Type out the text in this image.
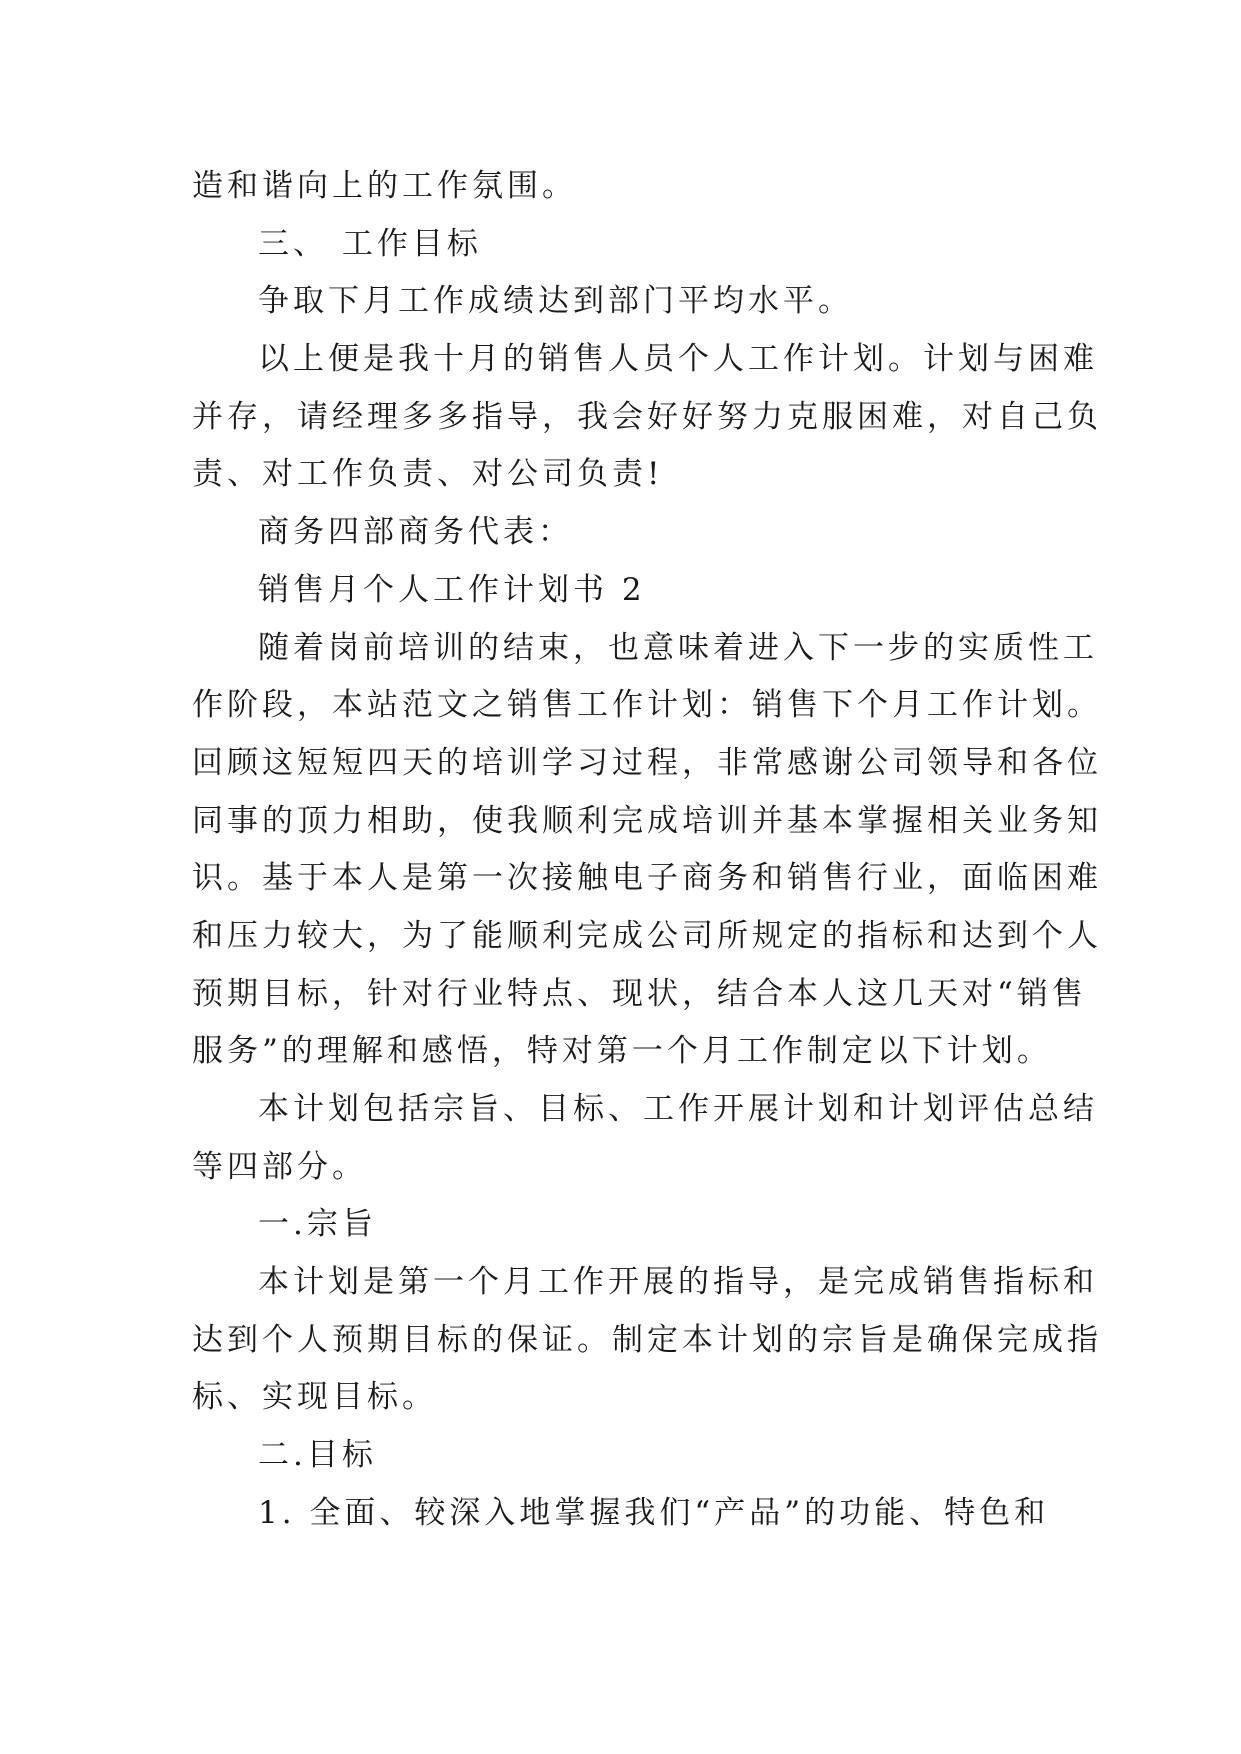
造和谐向上的工作氛围。
三、 工作目标
争取下月工作成绩达到部门平均水平。
以上便是我十月的销售人员个人工作计划。计划与困难
并存，请经理多多指导，我会好好努力克服困难，对自己负
责、对工作负责、对公司负责!
商务四部商务代表：
销售月个人工作计划书 2
随着岗前培训的结束，也意味着进入下一步的实质性工
作阶段，本站范文之销售工作计划：销售下个月工作计划。
回顾这短短四天的培训学习过程，非常感谢公司领导和各位
同事的顶力相助，使我顺利完成培训并基本掌握相关业务知
识。基于本人是第一次接触电子商务和销售行业，面临困难
和压力较大，为了能顺利完成公司所规定的指标和达到个人
预期目标，针对行业特点、现状，结合本人这几天对“销售
服务”的理解和感悟，特对第一个月工作制定以下计划。
本计划包括宗旨、目标、工作开展计划和计划评估总结
等四部分。
一.宗旨
本计划是第一个月工作开展的指导，是完成销售指标和
达到个人预期目标的保证。制定本计划的宗旨是确保完成指
标、实现目标。
二.目标
1. 全面、较深入地掌握我们“产品”的功能、特色和
